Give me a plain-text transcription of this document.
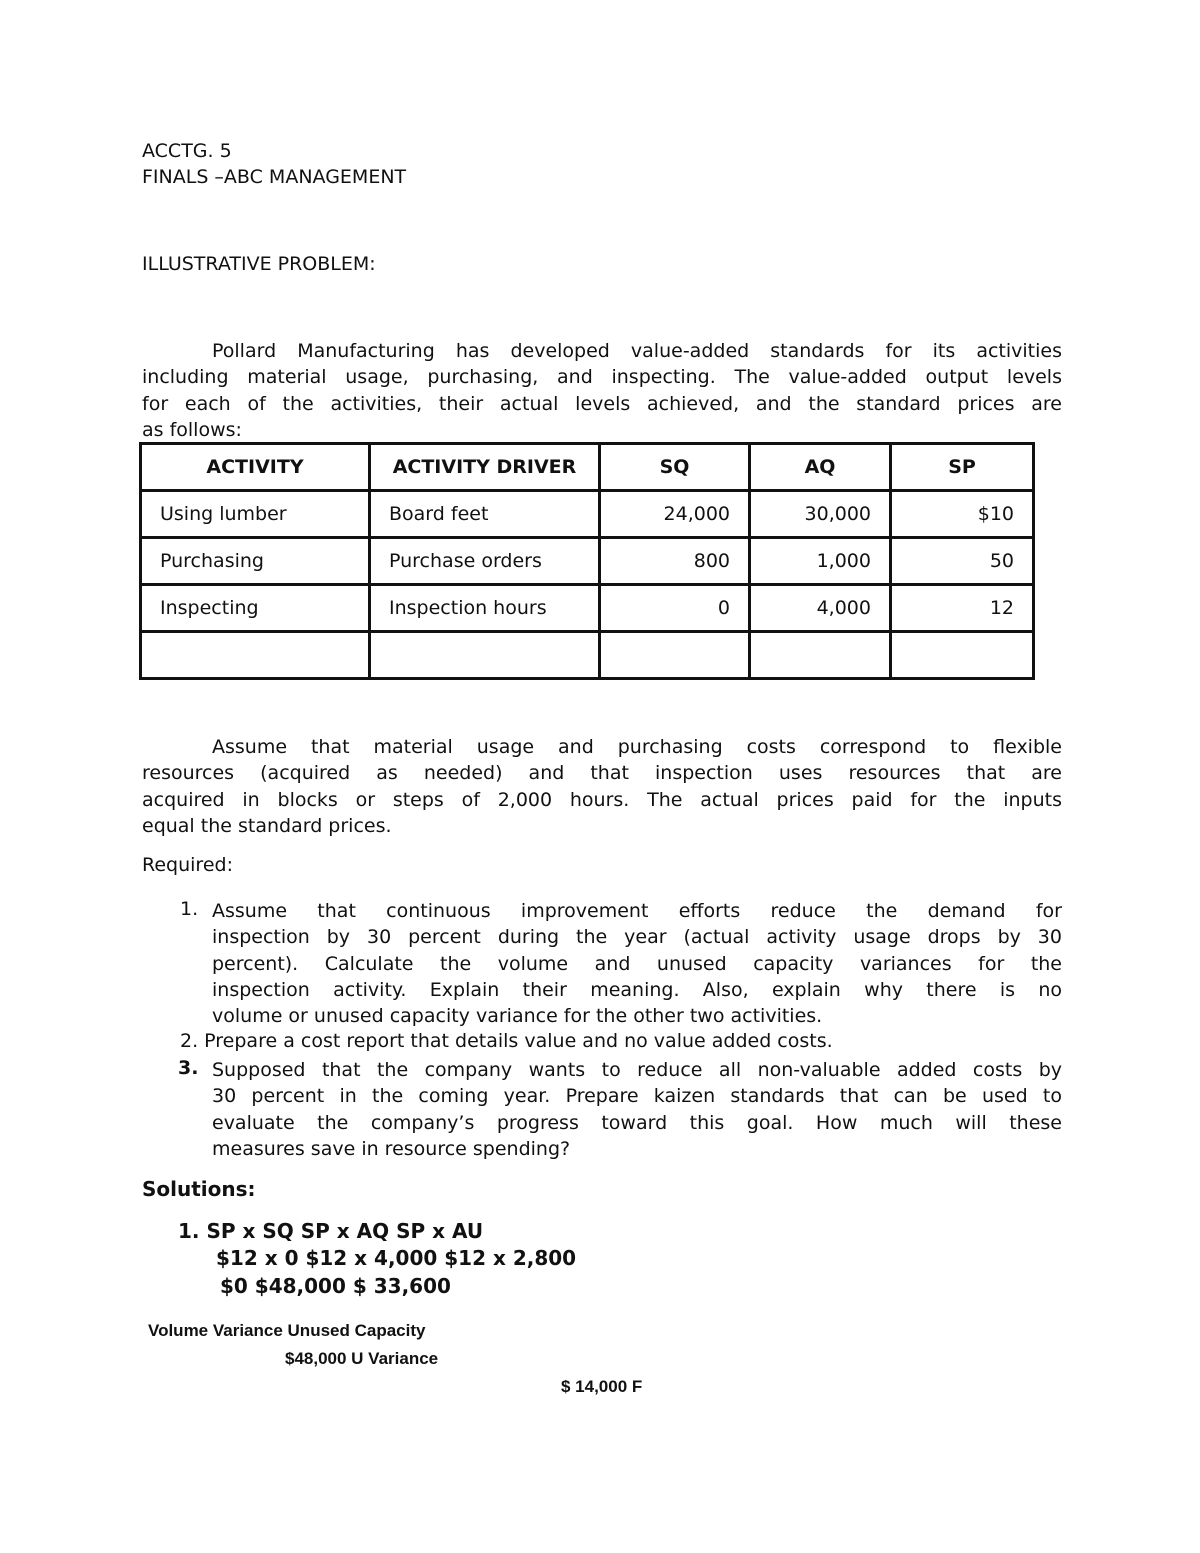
ACCTG. 5
FINALS –ABC MANAGEMENT
ILLUSTRATIVE PROBLEM:
Pollard Manufacturing has developed value-added standards for its activities
including material usage, purchasing, and inspecting. The value-added output levels
for each of the activities, their actual levels achieved, and the standard prices are
as follows:
ACTIVITY	ACTIVITY DRIVER	SQ	AQ	SP
Using lumber	Board feet	24,000	30,000	$10
Purchasing	Purchase orders	800	1,000	50
Inspecting	Inspection hours	0	4,000	12

Assume that material usage and purchasing costs correspond to flexible
resources (acquired as needed) and that inspection uses resources that are
acquired in blocks or steps of 2,000 hours. The actual prices paid for the inputs
equal the standard prices.
Required:
1. Assume that continuous improvement efforts reduce the demand for
inspection by 30 percent during the year (actual activity usage drops by 30
percent). Calculate the volume and unused capacity variances for the
inspection activity. Explain their meaning. Also, explain why there is no
volume or unused capacity variance for the other two activities.
2. Prepare a cost report that details value and no value added costs.
3. Supposed that the company wants to reduce all non-valuable added costs by
30 percent in the coming year. Prepare kaizen standards that can be used to
evaluate the company’s progress toward this goal. How much will these
measures save in resource spending?
Solutions:
1. SP x SQ SP x AQ SP x AU
$12 x 0 $12 x 4,000 $12 x 2,800
$0 $48,000 $ 33,600
Volume Variance Unused Capacity
$48,000 U Variance
$ 14,000 F
